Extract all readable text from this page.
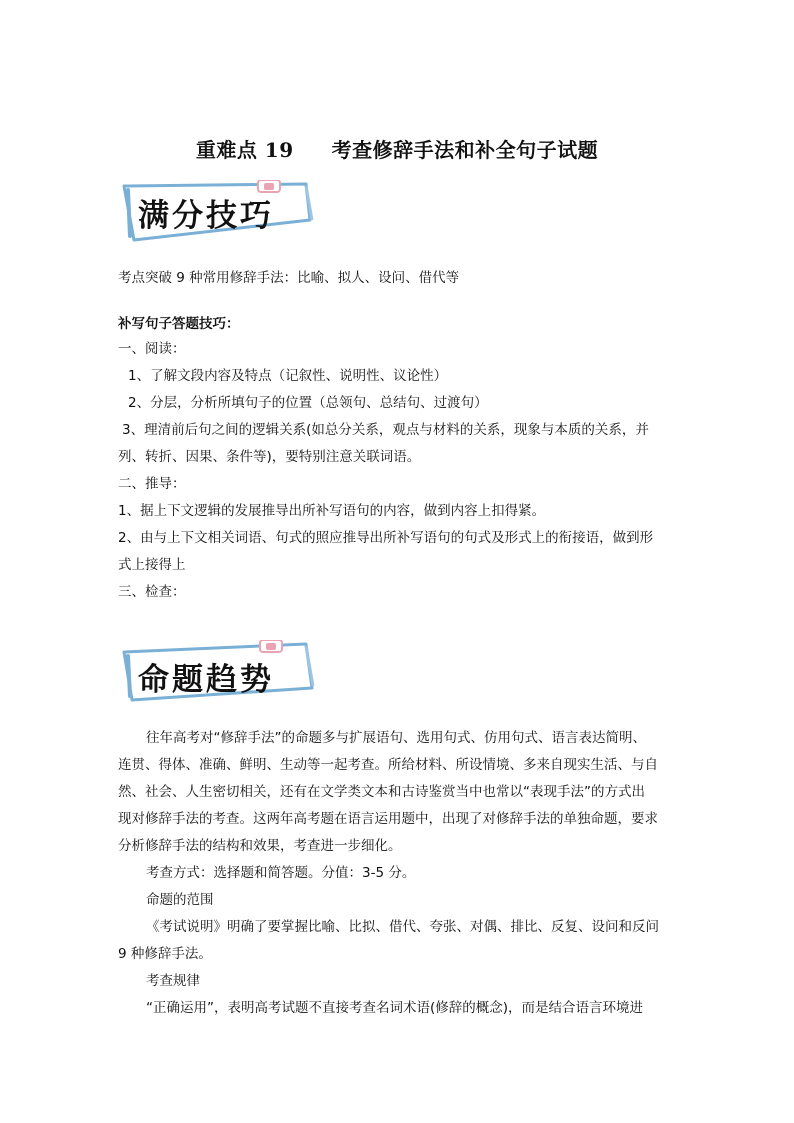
重难点 19 考查修辞手法和补全句子试题
满分技巧
考点突破 9 种常用修辞手法：比喻、拟人、设问、借代等
补写句子答题技巧：
一、阅读：
1、了解文段内容及特点（记叙性、说明性、议论性）
2、分层，分析所填句子的位置（总领句、总结句、过渡句）
3、理清前后句之间的逻辑关系(如总分关系，观点与材料的关系，现象与本质的关系，并
列、转折、因果、条件等)，要特别注意关联词语。
二、推导：
1、据上下文逻辑的发展推导出所补写语句的内容，做到内容上扣得紧。
2、由与上下文相关词语、句式的照应推导出所补写语句的句式及形式上的衔接语，做到形
式上接得上
三、检查：
命题趋势
往年高考对“修辞手法”的命题多与扩展语句、选用句式、仿用句式、语言表达简明、
连贯、得体、准确、鲜明、生动等一起考查。所给材料、所设情境、多来自现实生活、与自
然、社会、人生密切相关，还有在文学类文本和古诗鉴赏当中也常以“表现手法”的方式出
现对修辞手法的考查。这两年高考题在语言运用题中，出现了对修辞手法的单独命题，要求
分析修辞手法的结构和效果，考查进一步细化。
考查方式：选择题和简答题。分值：3-5 分。
命题的范围
《考试说明》明确了要掌握比喻、比拟、借代、夸张、对偶、排比、反复、设问和反问
9 种修辞手法。
考查规律
“正确运用”，表明高考试题不直接考查名词术语(修辞的概念)，而是结合语言环境进
